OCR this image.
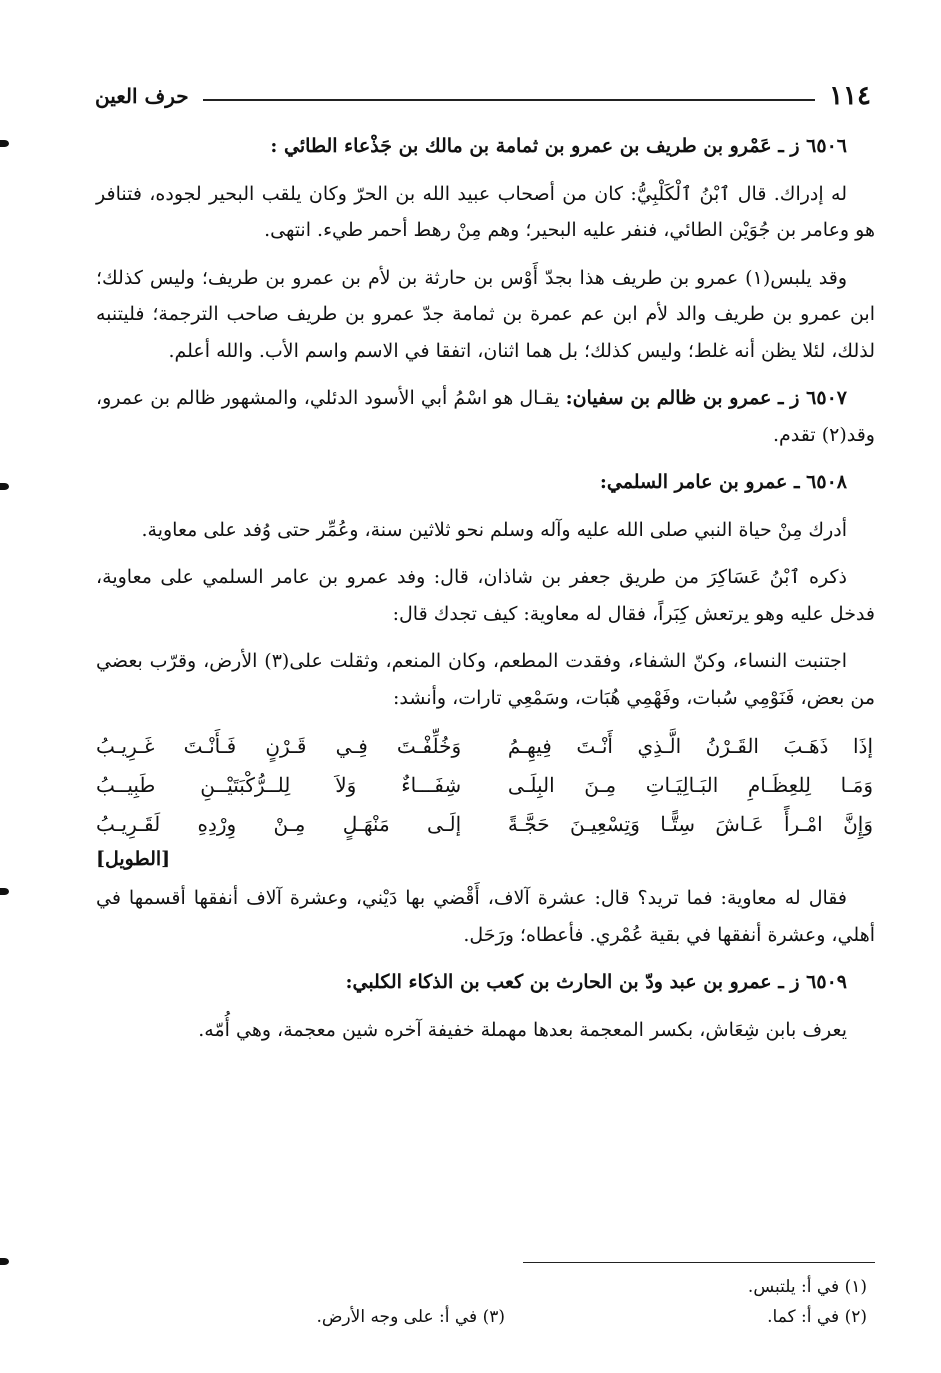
١١٤
حرف العين

٦٥٠٦ ز ـ عَمْرو بن طريف بن عمرو بن ثمامة بن مالك بن جَذْعاء الطائي :

له إدراك. قال ٱبْنُ ٱلْكَلْبِيُّ: كان من أصحاب عبيد الله بن الحرّ وكان يلقب البحير لجوده، فتنافر هو وعامر بن جُوَيْن الطائي، فنفر عليه البحير؛ وهم مِنْ رهط أحمر طيء. انتهى.

وقد يلبس(١) عمرو بن طريف هذا بجدّ أَوْس بن حارثة بن لأم بن عمرو بن طريف؛ وليس كذلك؛ ابن عمرو بن طريف والد لأم ابن عم عمرة بن ثمامة جدّ عمرو بن طريف صاحب الترجمة؛ فليتنبه لذلك، لئلا يظن أنه غلط؛ وليس كذلك؛ بل هما اثنان، اتفقا في الاسم واسم الأب. والله أعلم.

٦٥٠٧ ز ـ عمرو بن ظالم بن سفيان: يقـال هو اسْمُ أبي الأسود الدئلي، والمشهور ظالم بن عمرو، وقد(٢) تقدم.

٦٥٠٨ ـ عمرو بن عامر السلمي:

أدرك مِنْ حياة النبي صلى الله عليه وآله وسلم نحو ثلاثين سنة، وعُمِّر حتى وُفد على معاوية.

ذكره ٱبْنُ عَسَاكِرَ من طريق جعفر بن شاذان، قال: وفد عمرو بن عامر السلمي على معاوية، فدخل عليه وهو يرتعش كِبَراً، فقال له معاوية: كيف تجدك قال:

اجتنبت النساء، وكنّ الشفاء، وفقدت المطعم، وكان المنعم، وثقلت على(٣) الأرض، وقرّب بعضي من بعض، فَنَوْمِي سُبات، وفَهْمِي هُبَات، وسَمْعِي تارات، وأنشد:

إذَا ذَهَـبَ القَـرْنُ الَّـذِي أَنْـتَ فِيهِـمُ
وَخُلِّفْـتَ فِـي قَـرْنٍ فَـأَنْـتَ غَـرِيـبُ
وَمَـا لِلعِظَـامِ البَـالِيَـاتِ مِـنَ البِلَـى
شِفَـــاءٌ وَلاَ لِلــرُّكْبَتَيْــنِ طَبِيــبُ
وَإِنَّ امْـرأً عَـاشَ سِتًّـا وَتِسْعِيـنَ حَجَّـةً
إلَـى مَنْهَـلٍ مِـنْ وِرْدِهِ لَقَـرِيـبُ
[الطويل]

فقال له معاوية: فما تريد؟ قال: عشرة آلاف، أَقْضي بها دَيْني، وعشرة آلاف أنفقها أقسمها في أهلي، وعشرة أنفقها في بقية عُمْري. فأعطاه؛ ورَحَل.

٦٥٠٩ ز ـ عمرو بن عبد ودّ بن الحارث بن كعب بن الذكاء الكلبي:

يعرف بابن شِعَاش، بكسر المعجمة بعدها مهملة خفيفة آخره شين معجمة، وهي أُمّه.

(١) في أ: يلتبس.
(٢) في أ: كما.
(٣) في أ: على وجه الأرض.
